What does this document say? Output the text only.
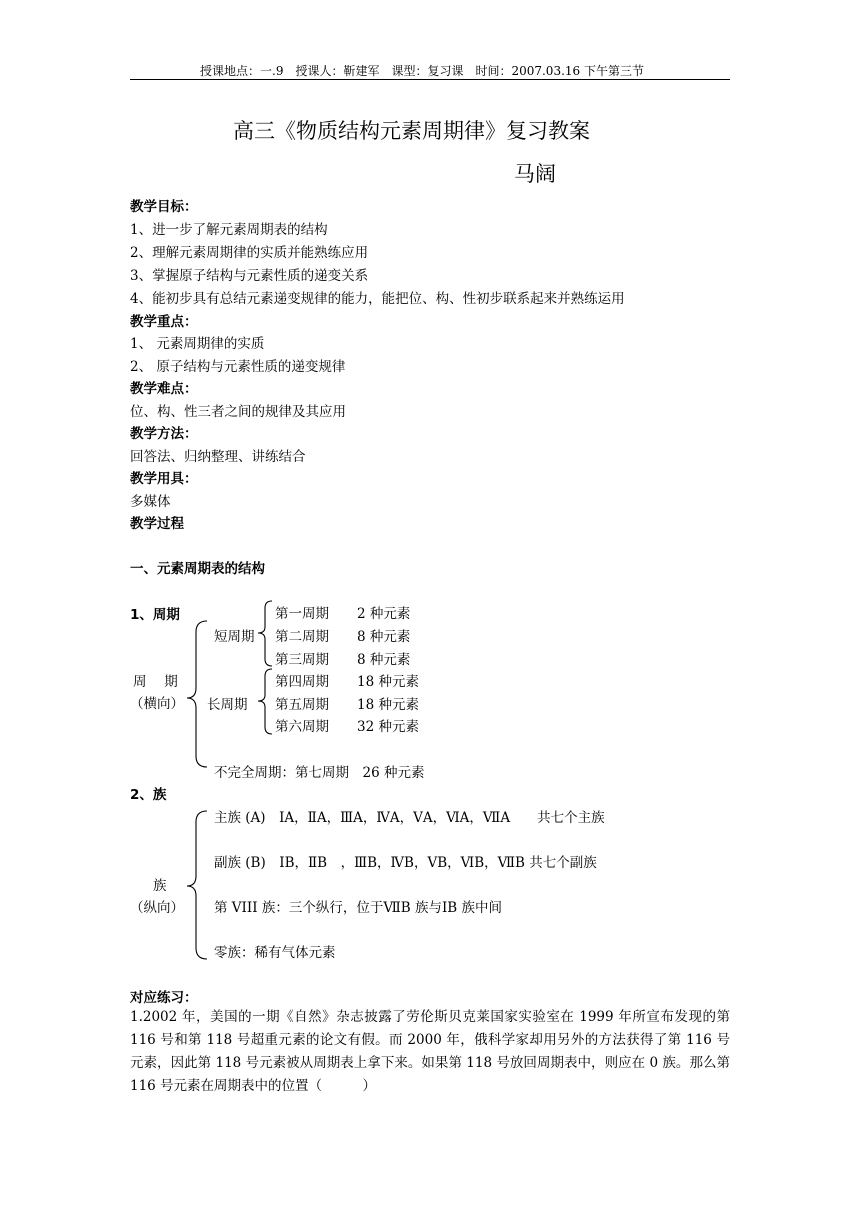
授课地点：一.9　授课人：靳建军　课型：复习课　时间：2007.03.16 下午第三节
高三《物质结构元素周期律》复习教案
马阔
教学目标：
1、进一步了解元素周期表的结构
2、理解元素周期律的实质并能熟练应用
3、掌握原子结构与元素性质的递变关系
4、能初步具有总结元素递变规律的能力，能把位、构、性初步联系起来并熟练运用
教学重点：
1、 元素周期律的实质
2、 原子结构与元素性质的递变规律
教学难点：
位、构、性三者之间的规律及其应用
教学方法：
回答法、归纳整理、讲练结合
教学用具：
多媒体
教学过程
一、元素周期表的结构
1、周期
周　 期
（横向）
短周期
长周期
第一周期 2 种元素
第二周期 8 种元素
第三周期 8 种元素
第四周期 18 种元素
第五周期 18 种元素
第六周期 32 种元素
不完全周期：第七周期　26 种元素
2、族
族
（纵向）
主族 (A)　ⅠA，ⅡA，ⅢA，ⅣA，ⅤA，ⅥA，ⅦA　　共七个主族
副族 (B)　ⅠB，ⅡB　，ⅢB，ⅣB，ⅤB，ⅥB，ⅦB 共七个副族
第 VIII 族：三个纵行，位于ⅦB 族与ⅠB 族中间
零族：稀有气体元素
对应练习：
1.2002 年，美国的一期《自然》杂志披露了劳伦斯贝克莱国家实验室在 1999 年所宣布发现的第 116 号和第 118 号超重元素的论文有假。而 2000 年，俄科学家却用另外的方法获得了第 116 号元素，因此第 118 号元素被从周期表上拿下来。如果第 118 号放回周期表中，则应在 0 族。那么第 116 号元素在周期表中的位置（　　　）
